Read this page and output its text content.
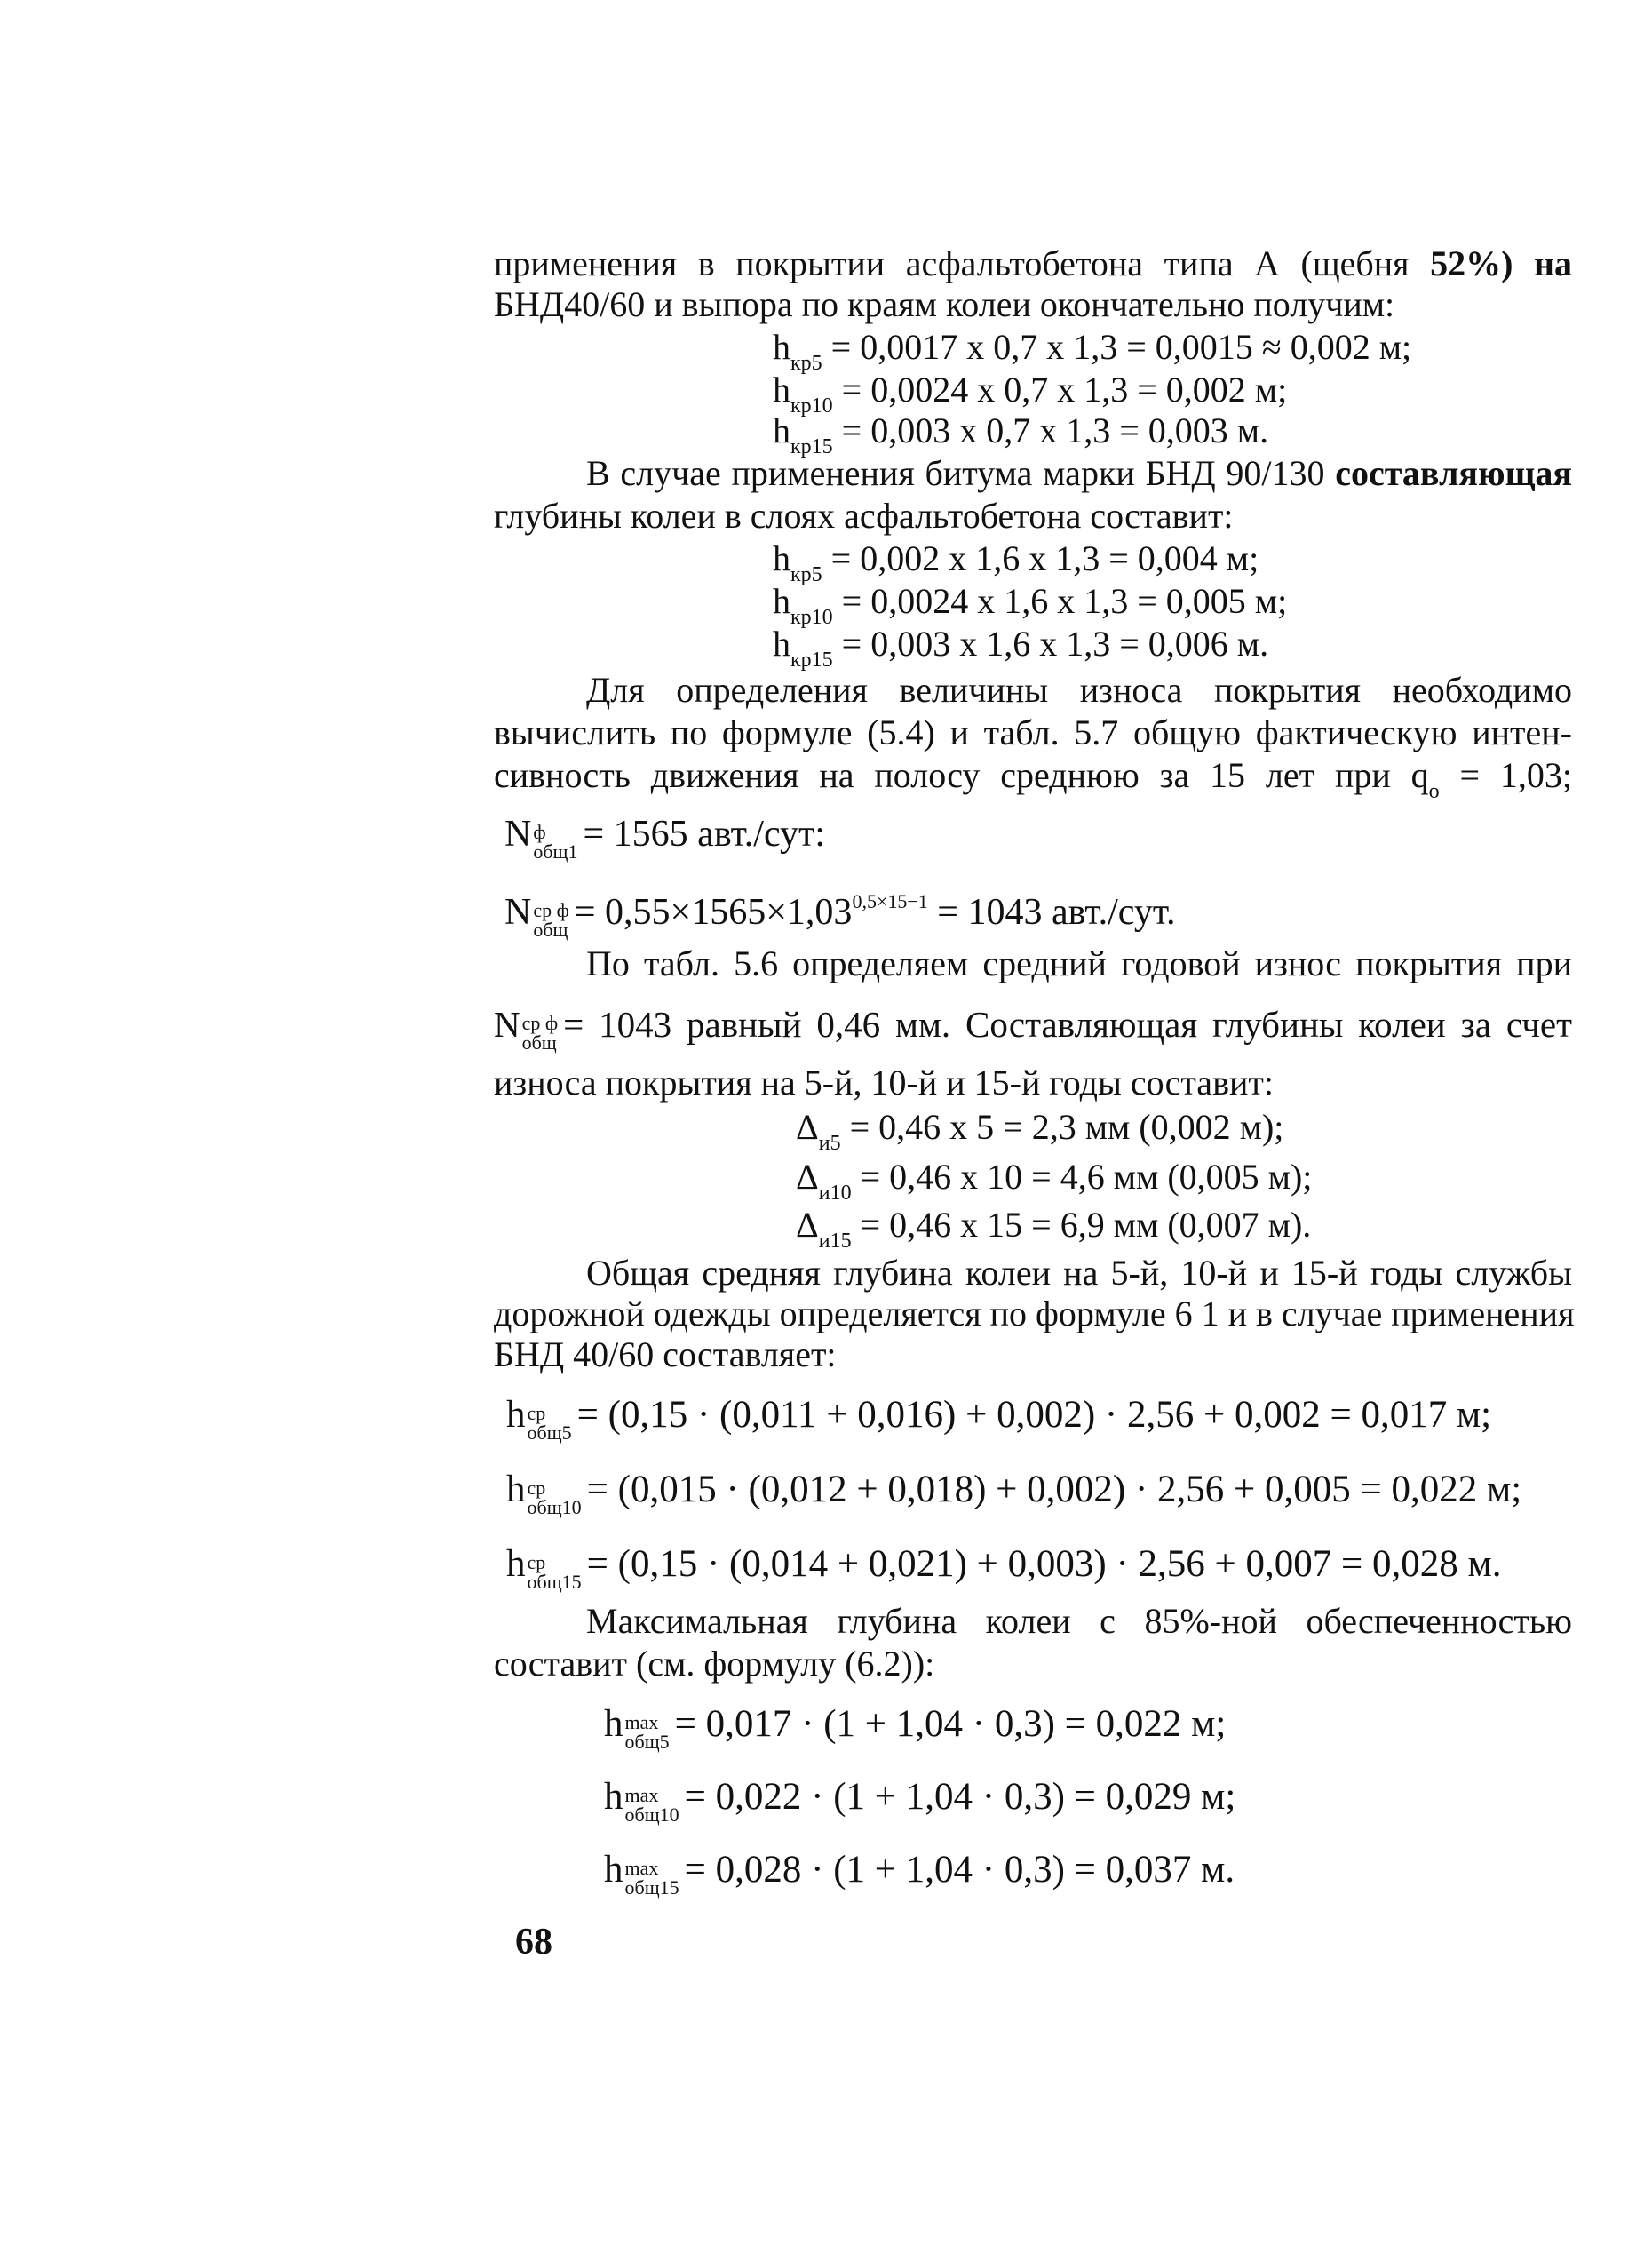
применения в покрытии асфальтобетона типа А (щебня 52%) на

БНД40/60 и выпора по краям колеи окончательно получим:

$h_{кр5} = 0,0017$ x 0,7 x 1,3 = 0,0015 ≈ 0,002 м;

$h_{кр10} = 0,0024$ x 0,7 x 1,3 = 0,002 м;

$h_{кр15} = 0,003$ x 0,7 x 1,3 = 0,003 м.

В случае применения битума марки БНД 90/130 составляющая

глубины колеи в слоях асфальтобетона составит:

$h_{кр5} = 0,002$ x 1,6 x 1,3 = 0,004 м;

$h_{кр10} = 0,0024$ x 1,6 x 1,3 = 0,005 м;

$h_{кр15} = 0,003$ x 1,6 x 1,3 = 0,006 м.

Для определения величины износа покрытия необходимо

вычислить по формуле (5.4) и табл. 5.7 общую фактическую интен-

сивность движения на полосу среднюю за 15 лет при $q_o = 1,03$;

N ф
общ1 = 1565 авт./сут:

N ср ф
общ = $0,55\times 1565\times 1,03^{0,5\times 15-1} = 1043$ авт./сут.

По табл. 5.6 определяем средний годовой износ покрытия при

N ср ф
общ = 1043 равный 0,46 мм. Составляющая глубины колеи за счет

износа покрытия на 5-й, 10-й и 15-й годы составит:

$\Delta_{и5} = 0,46$ x 5 = 2,3 мм (0,002 м);

$\Delta_{и10} = 0,46$ x 10 = 4,6 мм (0,005 м);

$\Delta_{и15} = 0,46$ x 15 = 6,9 мм (0,007 м).

Общая средняя глубина колеи на 5-й, 10-й и 15-й годы службы

дорожной одежды определяется по формуле 6 1 и в случае применения

БНД 40/60 составляет:

h ср
общ5 = (0,15 · (0,011 + 0,016) + 0,002) · 2,56 + 0,002 = 0,017 м;

h ср
общ10 = (0,015 · (0,012 + 0,018) + 0,002) · 2,56 + 0,005 = 0,022 м;

h ср
общ15 = (0,15 · (0,014 + 0,021) + 0,003) · 2,56 + 0,007 = 0,028 м.

Максимальная глубина колеи с 85%-ной обеспеченностью

составит (см. формулу (6.2)):

h max
общ5 = 0,017 · (1 + 1,04 · 0,3) = 0,022 м;

h max
общ10 = 0,022 · (1 + 1,04 · 0,3) = 0,029 м;

h max
общ15 = 0,028 · (1 + 1,04 · 0,3) = 0,037 м.

68
